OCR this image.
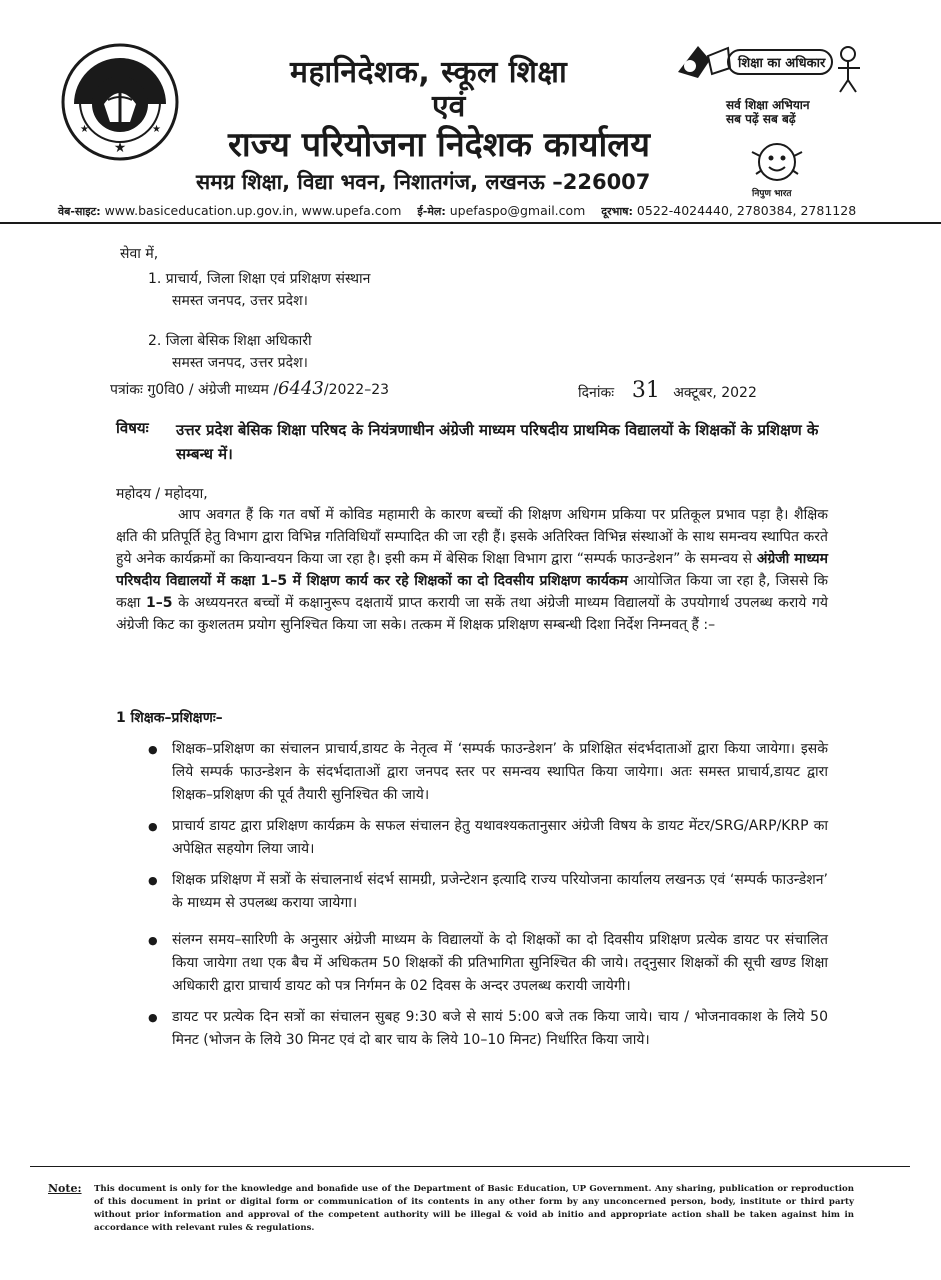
★
★	★
महानिदेशक, स्कूल शिक्षा
एवं
राज्य परियोजना निदेशक कार्यालय
समग्र शिक्षा, विद्या भवन, निशातगंज, लखनऊ –226007
शिक्षा का अधिकार
सर्व शिक्षा अभियान
सब पढ़ें सब बढ़ें
निपुण भारत
वेब-साइट: www.basiceducation.up.gov.in, www.upefa.com ई-मेल: upefaspo@gmail.com दूरभाष: 0522-4024440, 2780384, 2781128
सेवा में,
1. प्राचार्य, जिला शिक्षा एवं प्रशिक्षण संस्थान
समस्त जनपद, उत्तर प्रदेश।
2. जिला बेसिक शिक्षा अधिकारी
समस्त जनपद, उत्तर प्रदेश।
पत्रांकः गु0वि0 / अंग्रेजी माध्यम /6443/2022–23	दिनांकः 31 अक्टूबर, 2022
विषयः उत्तर प्रदेश बेसिक शिक्षा परिषद के नियंत्रणाधीन अंग्रेजी माध्यम परिषदीय प्राथमिक विद्यालयों के शिक्षकों के प्रशिक्षण के सम्बन्ध में।
महोदय / महोदया,
आप अवगत हैं कि गत वर्षो में कोविड महामारी के कारण बच्चों की शिक्षण अधिगम प्रकिया पर प्रतिकूल प्रभाव पड़ा है। शैक्षिक क्षति की प्रतिपूर्ति हेतु विभाग द्वारा विभिन्न गतिविधियाँ सम्पादित की जा रही हैं। इसके अतिरिक्त विभिन्न संस्थाओं के साथ समन्वय स्थापित करते हुये अनेक कार्यक्रमों का कियान्वयन किया जा रहा है। इसी कम में बेसिक शिक्षा विभाग द्वारा “सम्पर्क फाउन्डेशन” के समन्वय से अंग्रेजी माध्यम परिषदीय विद्यालयों में कक्षा 1–5 में शिक्षण कार्य कर रहे शिक्षकों का दो दिवसीय प्रशिक्षण कार्यकम आयोजित किया जा रहा है, जिससे कि कक्षा 1–5 के अध्ययनरत बच्चों में कक्षानुरूप दक्षतायें प्राप्त करायी जा सकें तथा अंग्रेजी माध्यम विद्यालयों के उपयोगार्थ उपलब्ध कराये गये अंग्रेजी किट का कुशलतम प्रयोग सुनिश्चित किया जा सके। तत्कम में शिक्षक प्रशिक्षण सम्बन्धी दिशा निर्देश निम्नवत् हैं :–
1 शिक्षक–प्रशिक्षणः–
● शिक्षक–प्रशिक्षण का संचालन प्राचार्य,डायट के नेतृत्व में ‘सम्पर्क फाउन्डेशन’ के प्रशिक्षित संदर्भदाताओं द्वारा किया जायेगा। इसके लिये सम्पर्क फाउन्डेशन के संदर्भदाताओं द्वारा जनपद स्तर पर समन्वय स्थापित किया जायेगा। अतः समस्त प्राचार्य,डायट द्वारा शिक्षक–प्रशिक्षण की पूर्व तैयारी सुनिश्चित की जाये।
● प्राचार्य डायट द्वारा प्रशिक्षण कार्यक्रम के सफल संचालन हेतु यथावश्यकतानुसार अंग्रेजी विषय के डायट मेंटर/SRG/ARP/KRP का अपेक्षित सहयोग लिया जाये।
● शिक्षक प्रशिक्षण में सत्रों के संचालनार्थ संदर्भ सामग्री, प्रजेन्टेशन इत्यादि राज्य परियोजना कार्यालय लखनऊ एवं ‘सम्पर्क फाउन्डेशन’ के माध्यम से उपलब्ध कराया जायेगा।
● संलग्न समय–सारिणी के अनुसार अंग्रेजी माध्यम के विद्यालयों के दो शिक्षकों का दो दिवसीय प्रशिक्षण प्रत्येक डायट पर संचालित किया जायेगा तथा एक बैच में अधिकतम 50 शिक्षकों की प्रतिभागिता सुनिश्चित की जाये। तद्नुसार शिक्षकों की सूची खण्ड शिक्षा अधिकारी द्वारा प्राचार्य डायट को पत्र निर्गमन के 02 दिवस के अन्दर उपलब्ध करायी जायेगी।
● डायट पर प्रत्येक दिन सत्रों का संचालन सुबह 9:30 बजे से सायं 5:00 बजे तक किया जाये। चाय / भोजनावकाश के लिये 50 मिनट (भोजन के लिये 30 मिनट एवं दो बार चाय के लिये 10–10 मिनट) निर्धारित किया जाये।
Note: This document is only for the knowledge and bonafide use of the Department of Basic Education, UP Government. Any sharing, publication or reproduction of this document in print or digital form or communication of its contents in any other form by any unconcerned person, body, institute or third party without prior information and approval of the competent authority will be illegal & void ab initio and appropriate action shall be taken against him in accordance with relevant rules & regulations.
